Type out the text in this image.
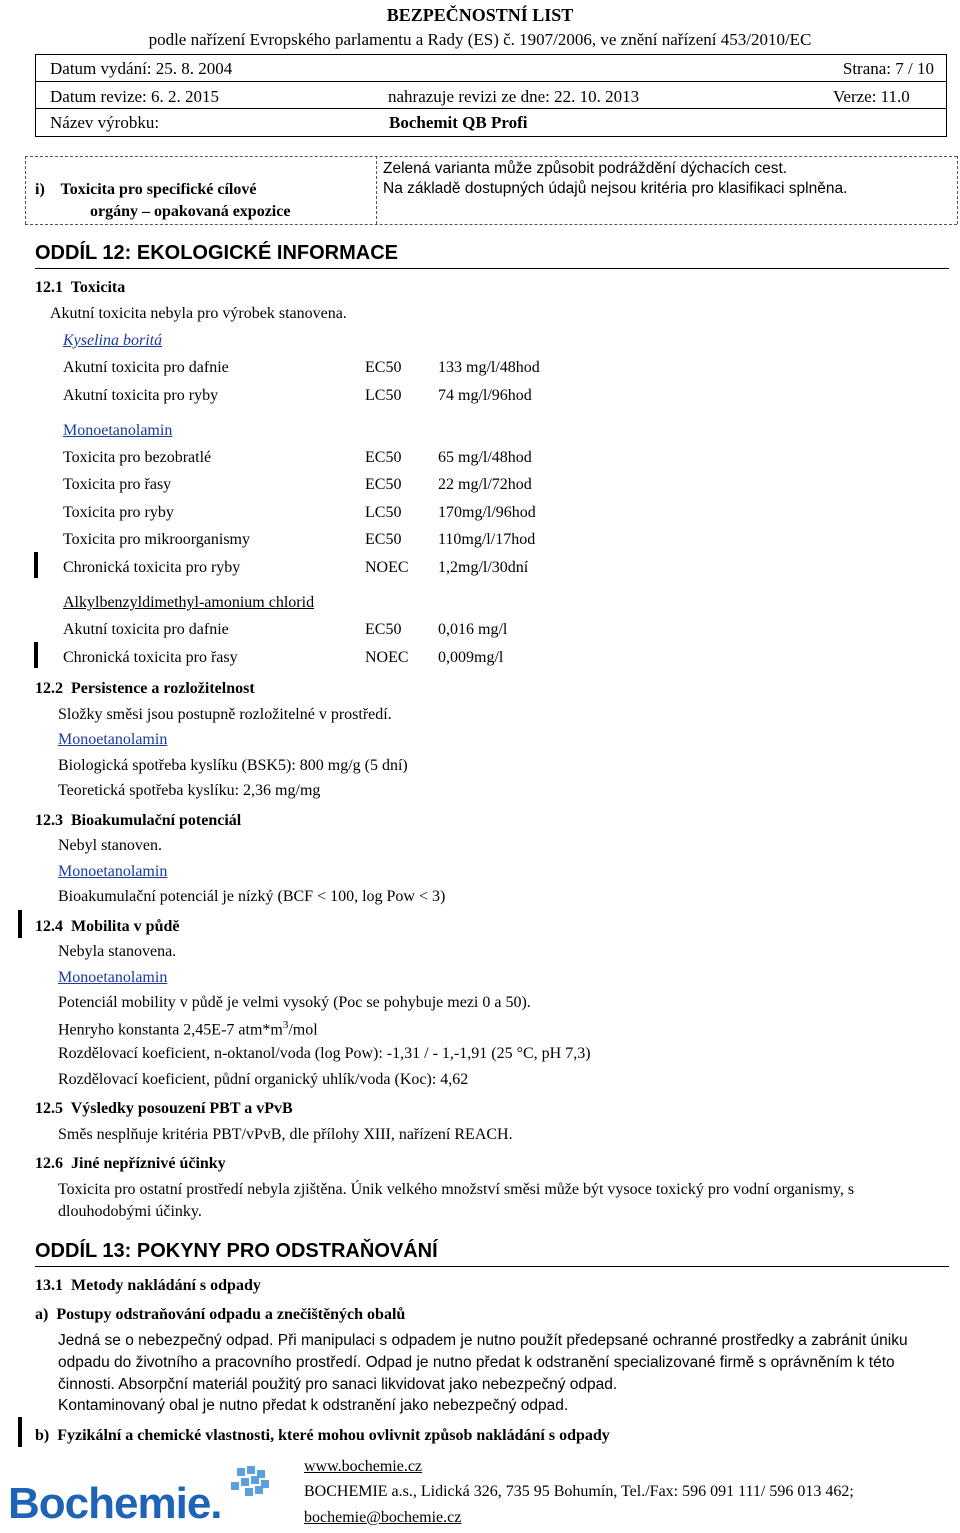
BEZPEČNOSTNÍ LIST
podle nařízení Evropského parlamentu a Rady (ES) č. 1907/2006, ve znění nařízení 453/2010/EC
Datum vydání: 25. 8. 2004	Strana: 7 / 10
Datum revize: 6. 2. 2015	nahrazuje revizi ze dne: 22. 10. 2013	Verze: 11.0
Název výrobku:	Bochemit QB Profi
i)    Toxicita pro specifické cílové
orgány – opakovaná expozice
Zelená varianta může způsobit podráždění dýchacích cest.
Na základě dostupných údajů nejsou kritéria pro klasifikaci splněna.
ODDÍL 12: EKOLOGICKÉ INFORMACE
12.1  Toxicita
Akutní toxicita nebyla pro výrobek stanovena.
Kyselina boritá
Akutní toxicita pro dafnie	EC50 133 mg/l/48hod
Akutní toxicita pro ryby	LC50 74 mg/l/96hod
Monoetanolamin
Toxicita pro bezobratlé	EC50 65 mg/l/48hod
Toxicita pro řasy	EC50 22 mg/l/72hod
Toxicita pro ryby	LC50 170mg/l/96hod
Toxicita pro mikroorganismy	EC50 110mg/l/17hod
Chronická toxicita pro ryby	NOEC 1,2mg/l/30dní
Alkylbenzyldimethyl-amonium chlorid
Akutní toxicita pro dafnie	EC50 0,016 mg/l
Chronická toxicita pro řasy	NOEC 0,009mg/l
12.2  Persistence a rozložitelnost
Složky směsi jsou postupně rozložitelné v prostředí.
Monoetanolamin
Biologická spotřeba kyslíku (BSK5): 800 mg/g (5 dní)
Teoretická spotřeba kyslíku: 2,36 mg/mg
12.3  Bioakumulační potenciál
Nebyl stanoven.
Monoetanolamin
Bioakumulační potenciál je nízký (BCF < 100, log Pow < 3)
12.4  Mobilita v půdě
Nebyla stanovena.
Monoetanolamin
Potenciál mobility v půdě je velmi vysoký (Poc se pohybuje mezi 0 a 50).
Henryho konstanta 2,45E-7 $atm*m^3$/mol
Rozdělovací koeficient, n-oktanol/voda (log Pow): -1,31 / - 1,-1,91 (25 °C, pH 7,3)
Rozdělovací koeficient, půdní organický uhlík/voda (Koc): 4,62
12.5  Výsledky posouzení PBT a vPvB
Směs nesplňuje kritéria PBT/vPvB, dle přílohy XIII, nařízení REACH.
12.6  Jiné nepříznivé účinky
Toxicita pro ostatní prostředí nebyla zjištěna. Únik velkého množství směsi může být vysoce toxický pro vodní organismy, s dlouhodobými účinky.
ODDÍL 13: POKYNY PRO ODSTRAŇOVÁNÍ
13.1  Metody nakládání s odpady
a)  Postupy odstraňování odpadu a znečištěných obalů
Jedná se o nebezpečný odpad. Při manipulaci s odpadem je nutno použít předepsané ochranné prostředky a zabránit úniku odpadu do životního a pracovního prostředí. Odpad je nutno předat k odstranění specializované firmě s oprávněním k této činnosti. Absorpční materiál použitý pro sanaci likvidovat jako nebezpečný odpad.
Kontaminovaný obal je nutno předat k odstranění jako nebezpečný odpad.
b)  Fyzikální a chemické vlastnosti, které mohou ovlivnit způsob nakládání s odpady
Bochemie.
www.bochemie.cz
BOCHEMIE a.s., Lidická 326, 735 95 Bohumín, Tel./Fax: 596 091 111/ 596 013 462;
bochemie@bochemie.cz
